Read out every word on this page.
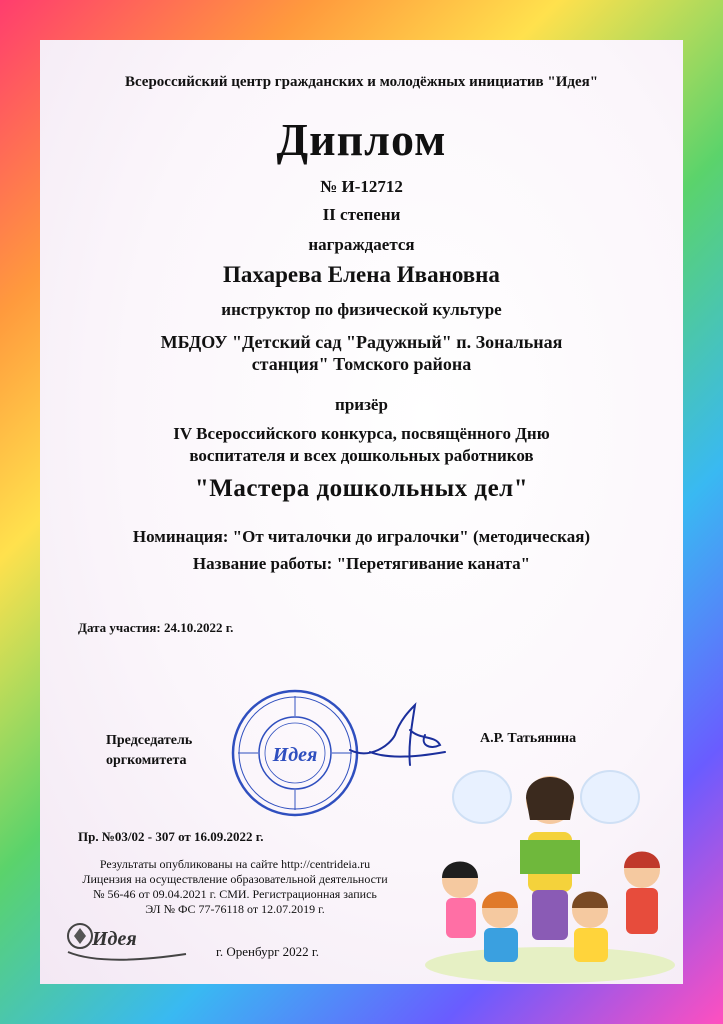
Всероссийский центр гражданских и молодёжных инициатив "Идея"
Диплом
№ И-12712
II степени
награждается
Пахарева Елена Ивановна
инструктор по физической культуре
МБДОУ "Детский сад "Радужный" п. Зональная станция" Томского района
призёр
IV Всероссийского конкурса, посвящённого Дню воспитателя и всех дошкольных работников
"Мастера дошкольных дел"
Номинация: "От читалочки до игралочки" (методическая)
Название работы: "Перетягивание каната"
Дата участия: 24.10.2022 г.
Председатель
оргкомитета
А.Р. Татьянина
Идея
Пр. №03/02 - 307 от 16.09.2022 г.
Результаты опубликованы на сайте http://centrideia.ru
Лицензия на осуществление образовательной деятельности
№ 56-46 от 09.04.2021 г. СМИ. Регистрационная запись
ЭЛ № ФС 77-76118 от 12.07.2019 г.
Идея
г. Оренбург 2022 г.
